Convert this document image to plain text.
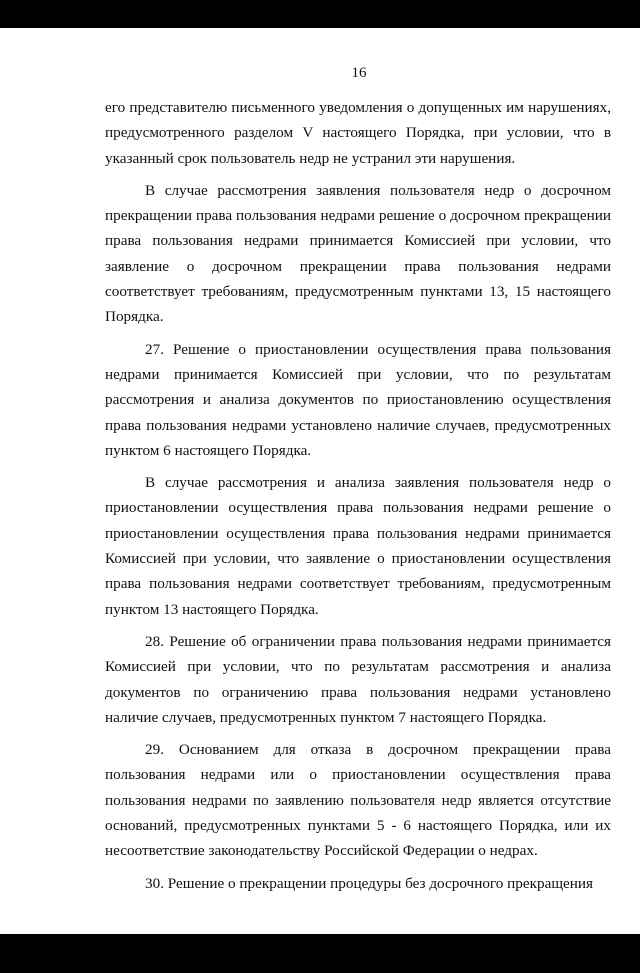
16

его представителю письменного уведомления о допущенных им нарушениях, предусмотренного разделом V настоящего Порядка, при условии, что в указанный срок пользователь недр не устранил эти нарушения.

В случае рассмотрения заявления пользователя недр о досрочном прекращении права пользования недрами решение о досрочном прекращении права пользования недрами принимается Комиссией при условии, что заявление о досрочном прекращении права пользования недрами соответствует требованиям, предусмотренным пунктами 13, 15 настоящего Порядка.

27. Решение о приостановлении осуществления права пользования недрами принимается Комиссией при условии, что по результатам рассмотрения и анализа документов по приостановлению осуществления права пользования недрами установлено наличие случаев, предусмотренных пунктом 6 настоящего Порядка.

В случае рассмотрения и анализа заявления пользователя недр о приостановлении осуществления права пользования недрами решение о приостановлении осуществления права пользования недрами принимается Комиссией при условии, что заявление о приостановлении осуществления права пользования недрами соответствует требованиям, предусмотренным пунктом 13 настоящего Порядка.

28. Решение об ограничении права пользования недрами принимается Комиссией при условии, что по результатам рассмотрения и анализа документов по ограничению права пользования недрами установлено наличие случаев, предусмотренных пунктом 7 настоящего Порядка.

29. Основанием для отказа в досрочном прекращении права пользования недрами или о приостановлении осуществления права пользования недрами по заявлению пользователя недр является отсутствие оснований, предусмотренных пунктами 5 - 6 настоящего Порядка, или их несоответствие законодательству Российской Федерации о недрах.

30. Решение о прекращении процедуры без досрочного прекращения
